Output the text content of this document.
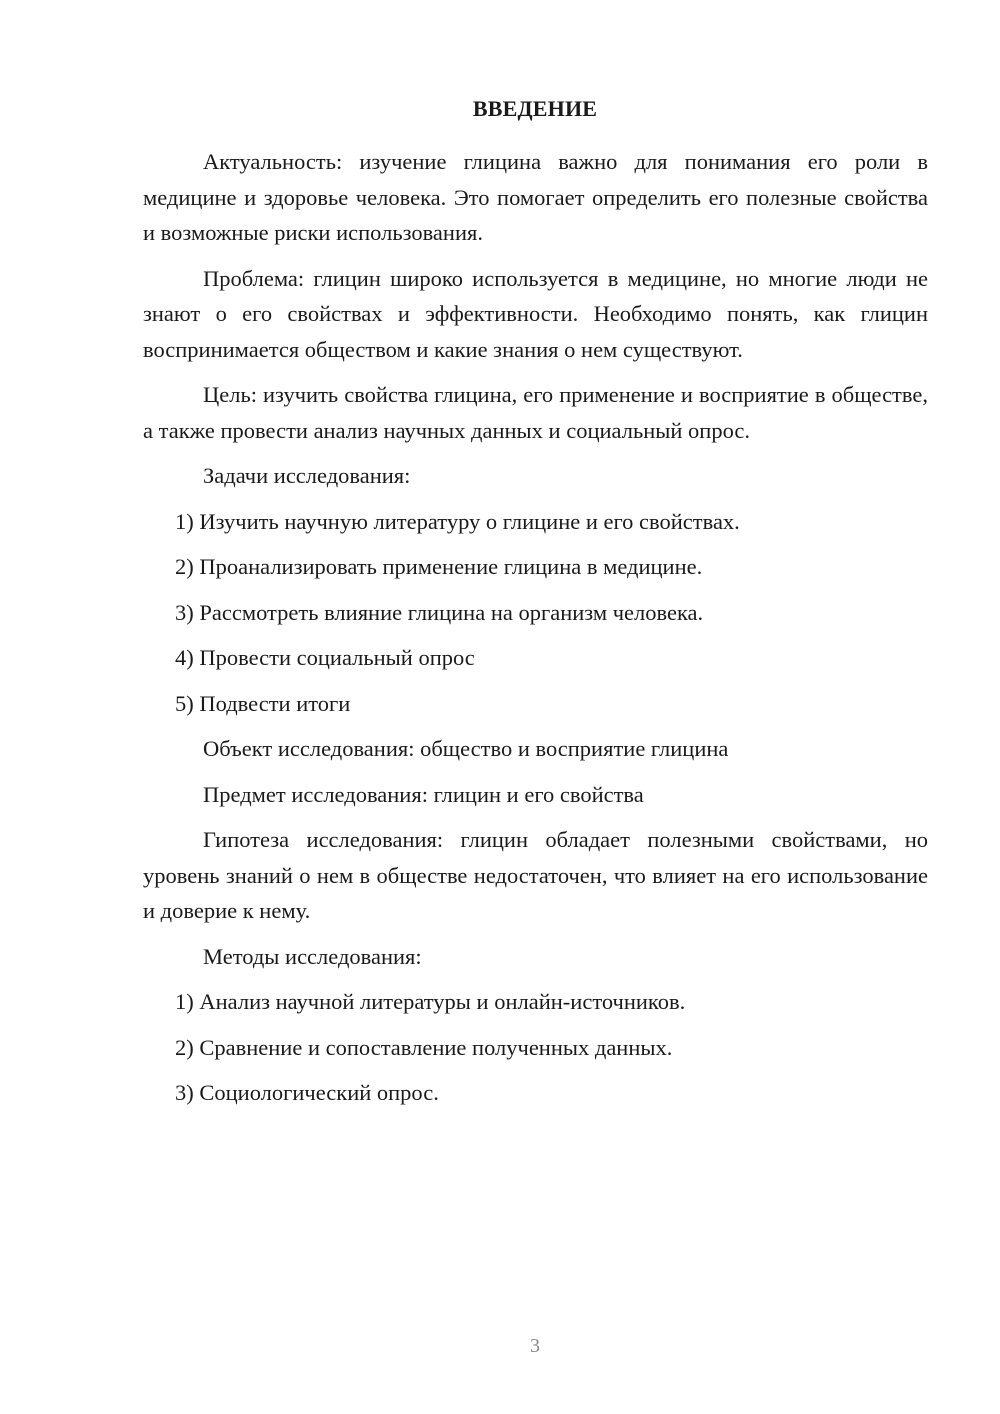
ВВЕДЕНИЕ

Актуальность: изучение глицина важно для понимания его роли в медицине и здоровье человека. Это помогает определить его полезные свойства и возможные риски использования.

Проблема: глицин широко используется в медицине, но многие люди не знают о его свойствах и эффективности. Необходимо понять, как глицин воспринимается обществом и какие знания о нем существуют.

Цель: изучить свойства глицина, его применение и восприятие в обществе, а также провести анализ научных данных и социальный опрос.

Задачи исследования:

1) Изучить научную литературу о глицине и его свойствах.

2) Проанализировать применение глицина в медицине.

3) Рассмотреть влияние глицина на организм человека.

4) Провести социальный опрос

5) Подвести итоги

Объект исследования: общество и восприятие глицина

Предмет исследования: глицин и его свойства

Гипотеза исследования: глицин обладает полезными свойствами, но уровень знаний о нем в обществе недостаточен, что влияет на его использование и доверие к нему.

Методы исследования:

1) Анализ научной литературы и онлайн-источников.

2) Сравнение и сопоставление полученных данных.

3) Социологический опрос.

3
